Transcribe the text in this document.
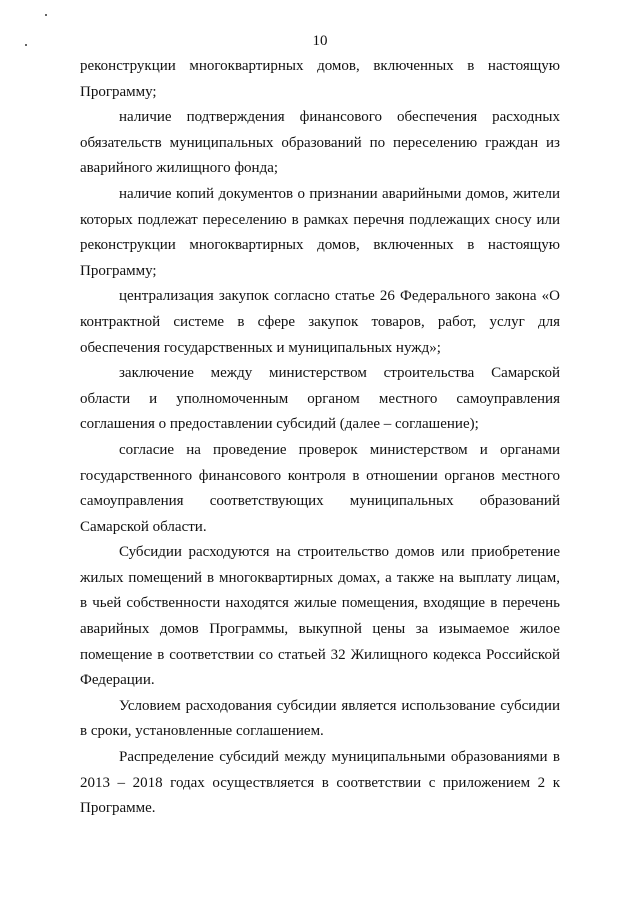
10

реконструкции многоквартирных домов, включенных в настоящую Программу;

наличие подтверждения финансового обеспечения расходных обязательств муниципальных образований по переселению граждан из аварийного жилищного фонда;

наличие копий документов о признании аварийными домов, жители которых подлежат переселению в рамках перечня подлежащих сносу или реконструкции многоквартирных домов, включенных в настоящую Программу;

централизация закупок согласно статье 26 Федерального закона «О контрактной системе в сфере закупок товаров, работ, услуг для обеспечения государственных и муниципальных нужд»;

заключение между министерством строительства Самарской области и уполномоченным органом местного самоуправления соглашения о предоставлении субсидий (далее – соглашение);

согласие на проведение проверок министерством и органами государственного финансового контроля в отношении органов местного самоуправления соответствующих муниципальных образований Самарской области.

Субсидии расходуются на строительство домов или приобретение жилых помещений в многоквартирных домах, а также на выплату лицам, в чьей собственности находятся жилые помещения, входящие в перечень аварийных домов Программы, выкупной цены за изымаемое жилое помещение в соответствии со статьей 32 Жилищного кодекса Российской Федерации.

Условием расходования субсидии является использование субсидии в сроки, установленные соглашением.

Распределение субсидий между муниципальными образованиями в 2013 – 2018 годах осуществляется в соответствии с приложением 2 к Программе.
